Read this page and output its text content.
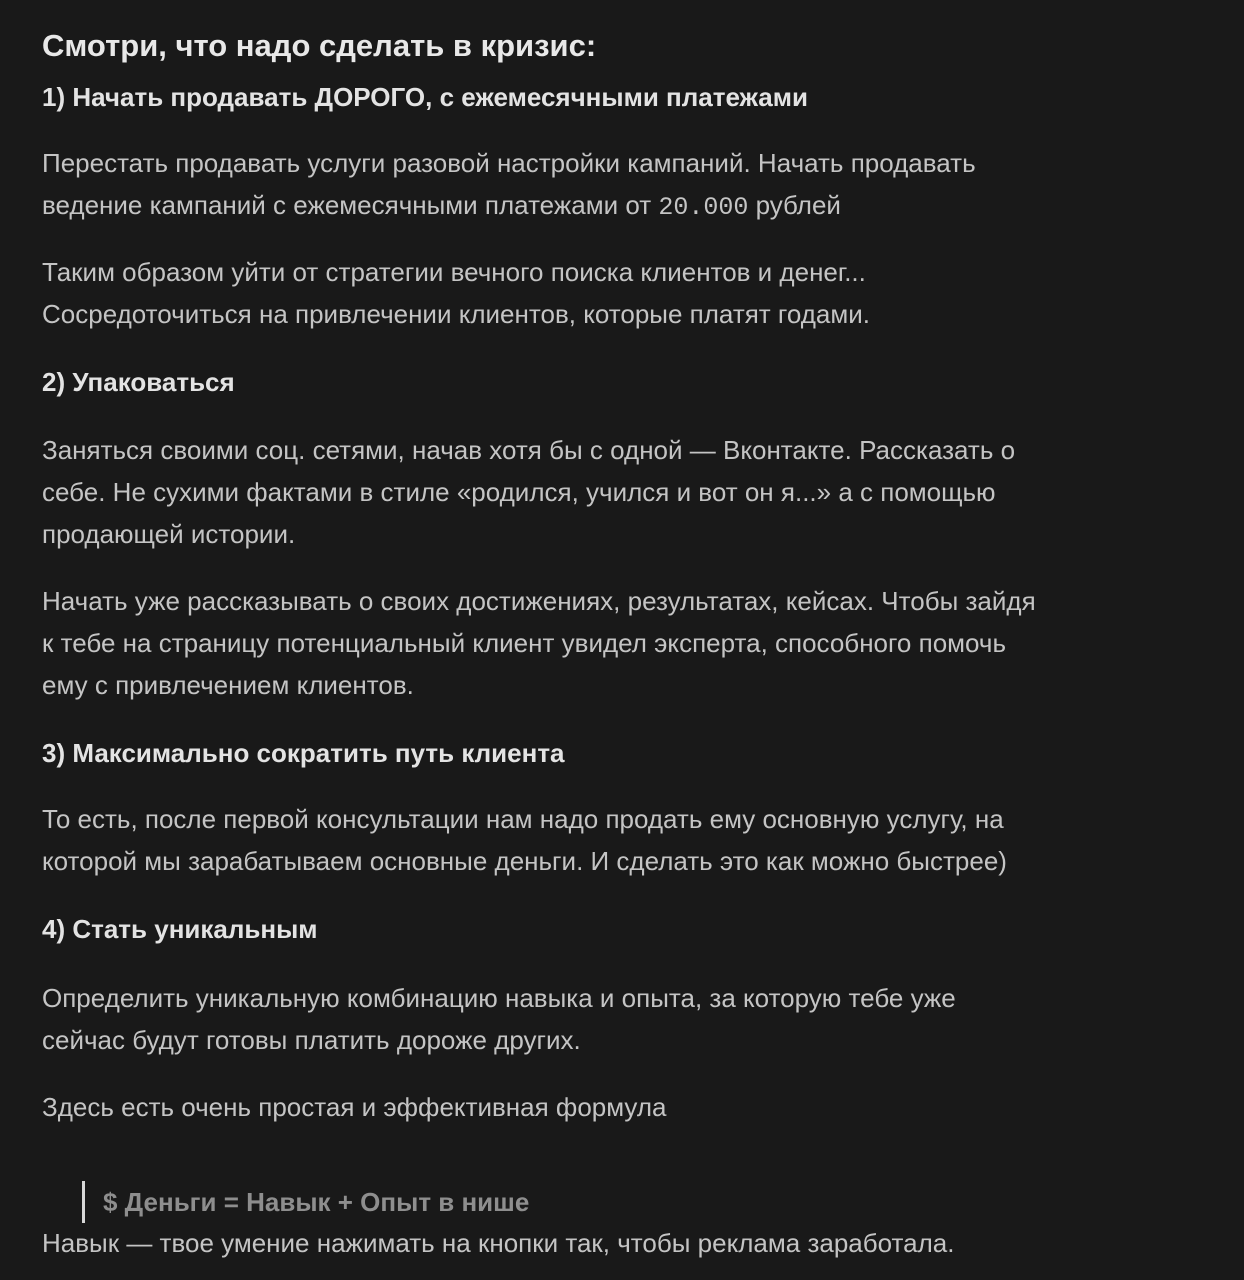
Смотри, что надо сделать в кризис:
1) Начать продавать ДОРОГО, с ежемесячными платежами

Перестать продавать услуги разовой настройки кампаний. Начать продавать
ведение кампаний с ежемесячными платежами от 20.000 рублей

Таким образом уйти от стратегии вечного поиска клиентов и денег...
Сосредоточиться на привлечении клиентов, которые платят годами.

2) Упаковаться

Заняться своими соц. сетями, начав хотя бы с одной — Вконтакте. Рассказать о
себе. Не сухими фактами в стиле «родился, учился и вот он я...» а с помощью
продающей истории.

Начать уже рассказывать о своих достижениях, результатах, кейсах. Чтобы зайдя
к тебе на страницу потенциальный клиент увидел эксперта, способного помочь
ему с привлечением клиентов.

3) Максимально сократить путь клиента

То есть, после первой консультации нам надо продать ему основную услугу, на
которой мы зарабатываем основные деньги. И сделать это как можно быстрее)

4) Стать уникальным

Определить уникальную комбинацию навыка и опыта, за которую тебе уже
сейчас будут готовы платить дороже других.

Здесь есть очень простая и эффективная формула

$ Деньги = Навык + Опыт в нише

Навык — твое умение нажимать на кнопки так, чтобы реклама заработала.
